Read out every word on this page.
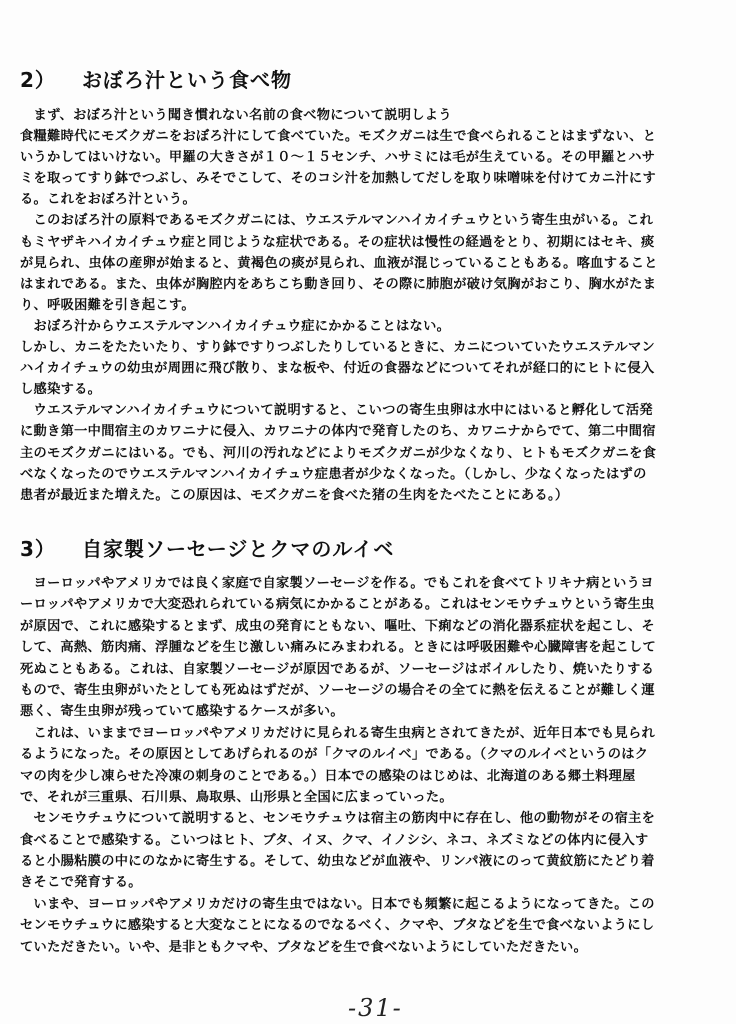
2） おぼろ汁という食べ物
　まず、おぼろ汁という聞き慣れない名前の食べ物について説明しよう
食糧難時代にモズクガニをおぼろ汁にして食べていた。モズクガニは生で食べられることはまずない、と
いうかしてはいけない。甲羅の大きさが１０～１５センチ、ハサミには毛が生えている。その甲羅とハサ
ミを取ってすり鉢でつぶし、みそでこして、そのコシ汁を加熱してだしを取り味噌味を付けてカニ汁にす
る。これをおぼろ汁という。
　このおぼろ汁の原料であるモズクガニには、ウエステルマンハイカイチュウという寄生虫がいる。これ
もミヤザキハイカイチュウ症と同じような症状である。その症状は慢性の経過をとり、初期にはセキ、痰
が見られ、虫体の産卵が始まると、黄褐色の痰が見られ、血液が混じっていることもある。喀血すること
はまれである。また、虫体が胸腔内をあちこち動き回り、その際に肺胞が破け気胸がおこり、胸水がたま
り、呼吸困難を引き起こす。
　おぼろ汁からウエステルマンハイカイチュウ症にかかることはない。
しかし、カニをたたいたり、すり鉢ですりつぶしたりしているときに、カニについていたウエステルマン
ハイカイチュウの幼虫が周囲に飛び散り、まな板や、付近の食器などについてそれが経口的にヒトに侵入
し感染する。
　ウエステルマンハイカイチュウについて説明すると、こいつの寄生虫卵は水中にはいると孵化して活発
に動き第一中間宿主のカワニナに侵入、カワニナの体内で発育したのち、カワニナからでて、第二中間宿
主のモズクガニにはいる。でも、河川の汚れなどによりモズクガニが少なくなり、ヒトもモズクガニを食
べなくなったのでウエステルマンハイカイチュウ症患者が少なくなった。（しかし、少なくなったはずの
患者が最近また増えた。この原因は、モズクガニを食べた猪の生肉をたべたことにある。）
3） 自家製ソーセージとクマのルイベ
　ヨーロッパやアメリカでは良く家庭で自家製ソーセージを作る。でもこれを食べてトリキナ病というヨ
ーロッパやアメリカで大変恐れられている病気にかかることがある。これはセンモウチュウという寄生虫
が原因で、これに感染するとまず、成虫の発育にともない、嘔吐、下痢などの消化器系症状を起こし、そ
して、高熱、筋肉痛、浮腫などを生じ激しい痛みにみまわれる。ときには呼吸困難や心臓障害を起こして
死ぬこともある。これは、自家製ソーセージが原因であるが、ソーセージはボイルしたり、焼いたりする
もので、寄生虫卵がいたとしても死ぬはずだが、ソーセージの場合その全てに熱を伝えることが難しく運
悪く、寄生虫卵が残っていて感染するケースが多い。
　これは、いままでヨーロッパやアメリカだけに見られる寄生虫病とされてきたが、近年日本でも見られ
るようになった。その原因としてあげられるのが「クマのルイベ」である。（クマのルイベというのはク
マの肉を少し凍らせた冷凍の刺身のことである。）日本での感染のはじめは、北海道のある郷土料理屋
で、それが三重県、石川県、鳥取県、山形県と全国に広まっていった。
　センモウチュウについて説明すると、センモウチュウは宿主の筋肉中に存在し、他の動物がその宿主を
食べることで感染する。こいつはヒト、ブタ、イヌ、クマ、イノシシ、ネコ、ネズミなどの体内に侵入す
ると小腸粘膜の中にのなかに寄生する。そして、幼虫などが血液や、リンパ液にのって黄紋筋にたどり着
きそこで発育する。
　いまや、ヨーロッパやアメリカだけの寄生虫ではない。日本でも頻繁に起こるようになってきた。この
センモウチュウに感染すると大変なことになるのでなるべく、クマや、ブタなどを生で食べないようにし
ていただきたい。いや、是非ともクマや、ブタなどを生で食べないようにしていただきたい。
-31-
